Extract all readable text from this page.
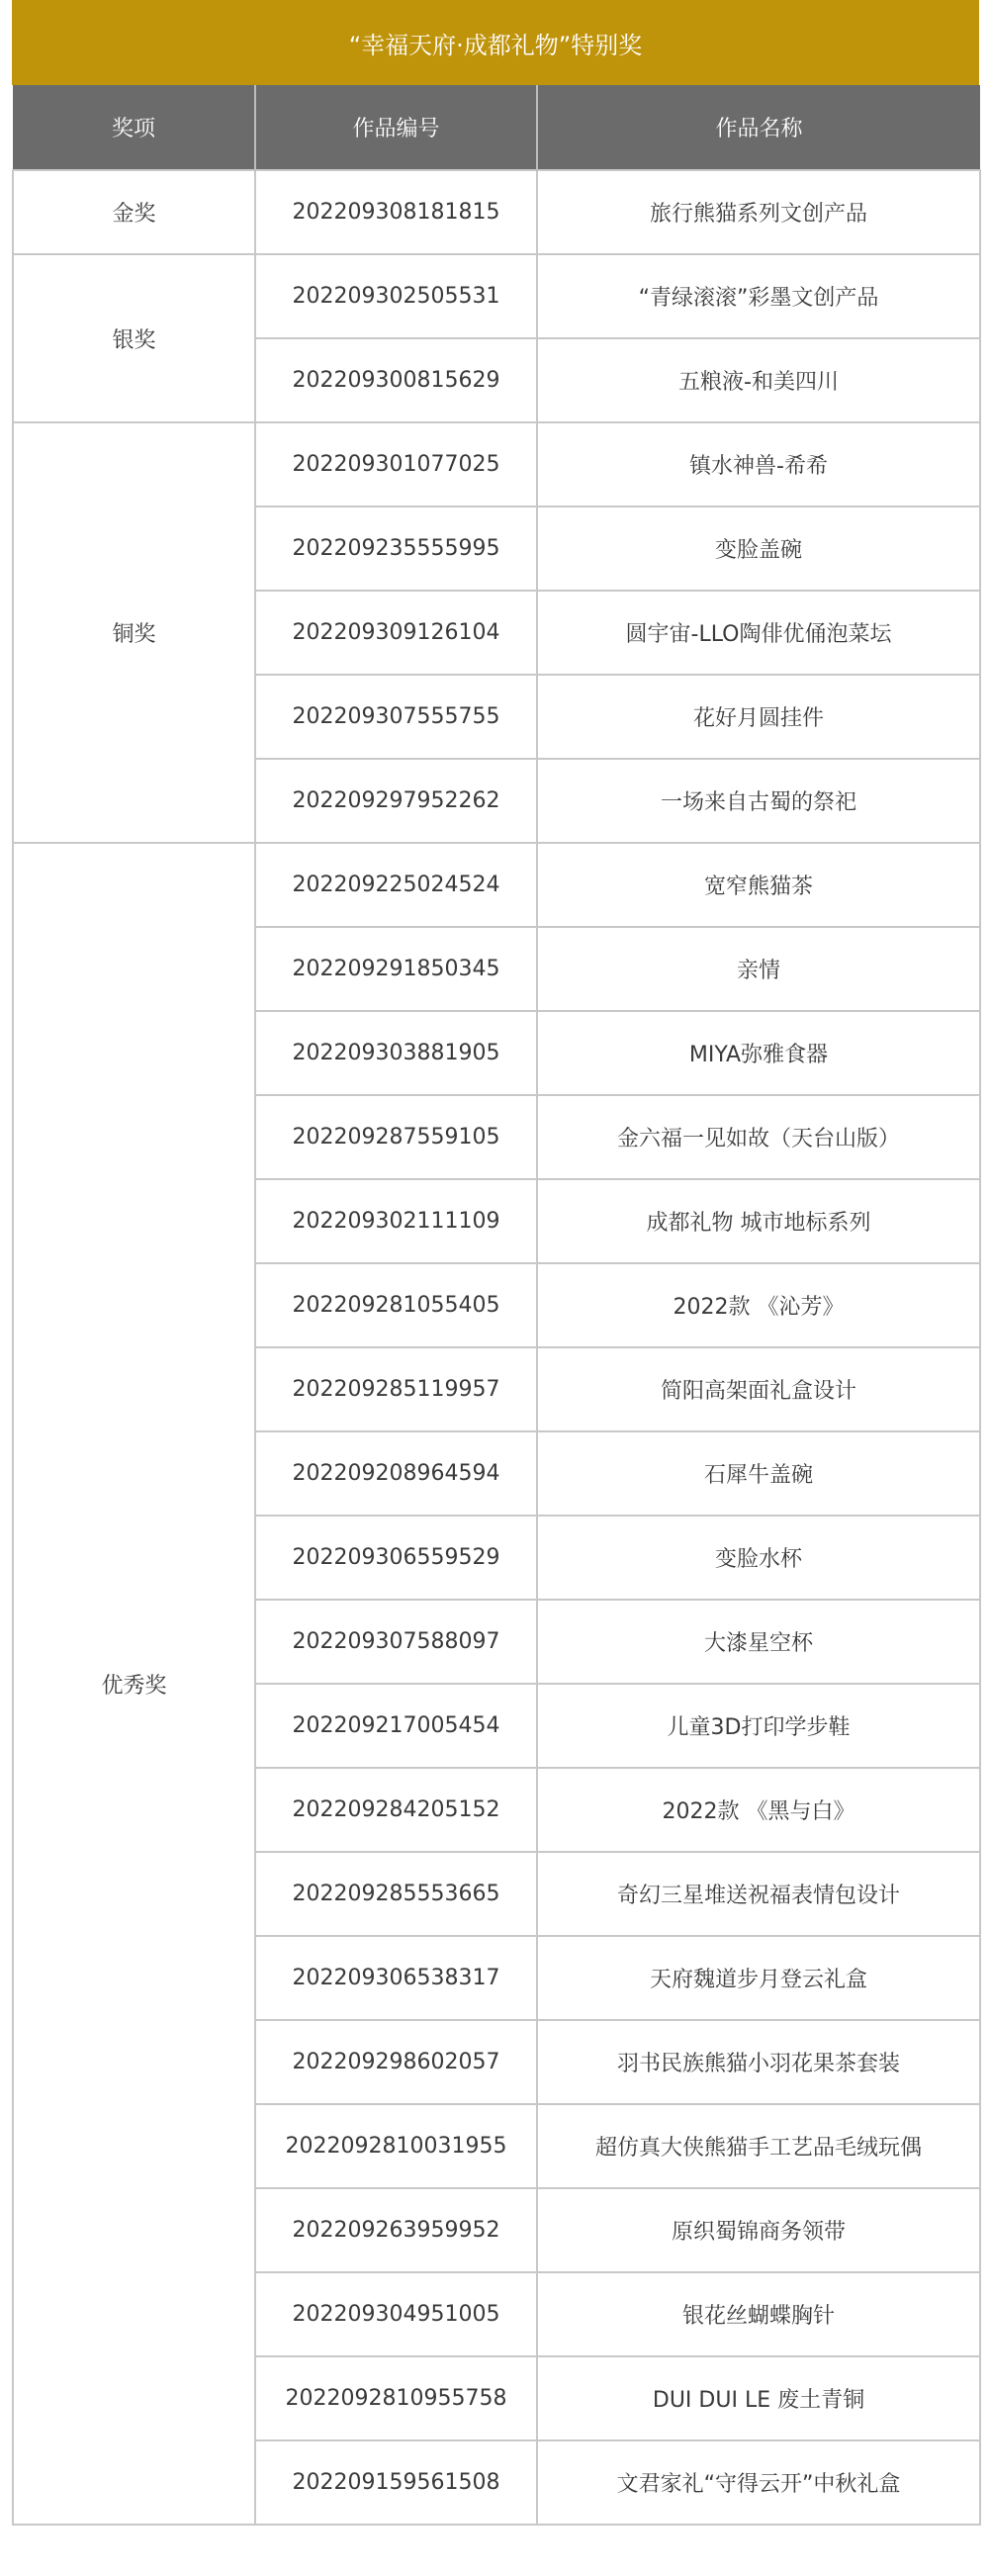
“幸福天府·成都礼物”特别奖
奖项	作品编号	作品名称
金奖	202209308181815	旅行熊猫系列文创产品
银奖	202209302505531	“青绿滚滚”彩墨文创产品
	202209300815629	五粮液-和美四川
铜奖	202209301077025	镇水神兽-希希
	202209235555995	变脸盖碗
	202209309126104	圆宇宙-LLO陶俳优俑泡菜坛
	202209307555755	花好月圆挂件
	202209297952262	一场来自古蜀的祭祀
优秀奖	202209225024524	宽窄熊猫茶
	202209291850345	亲情
	202209303881905	MIYA弥雅食器
	202209287559105	金六福一见如故（天台山版）
	202209302111109	成都礼物 城市地标系列
	202209281055405	2022款 《沁芳》
	202209285119957	简阳高架面礼盒设计
	202209208964594	石犀牛盖碗
	202209306559529	变脸水杯
	202209307588097	大漆星空杯
	202209217005454	儿童3D打印学步鞋
	202209284205152	2022款 《黑与白》
	202209285553665	奇幻三星堆送祝福表情包设计
	202209306538317	天府魏道步月登云礼盒
	202209298602057	羽书民族熊猫小羽花果茶套装
	2022092810031955	超仿真大侠熊猫手工艺品毛绒玩偶
	202209263959952	原织蜀锦商务领带
	202209304951005	银花丝蝴蝶胸针
	2022092810955758	DUI DUI LE 废土青铜
	202209159561508	文君家礼“守得云开”中秋礼盒
